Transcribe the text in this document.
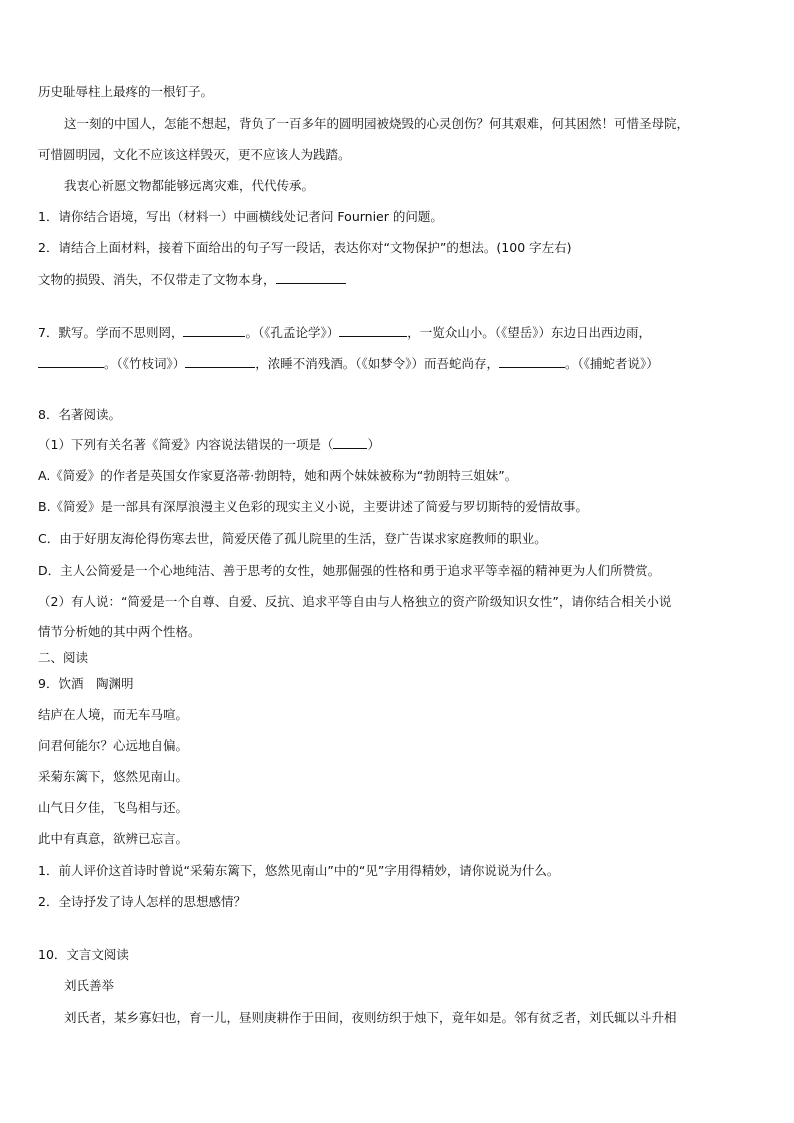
历史耻辱柱上最疼的一根钉子。
这一刻的中国人，怎能不想起，背负了一百多年的圆明园被烧毁的心灵创伤？何其艰难，何其困然！可惜圣母院，
可惜圆明园，文化不应该这样毁灭，更不应该人为践踏。
我衷心祈愿文物都能够远离灾难，代代传承。
1．请你结合语境，写出（材料一）中画横线处记者问 Fournier 的问题。
2．请结合上面材料，接着下面给出的句子写一段话，表达你对“文物保护”的想法。(100 字左右)
文物的损毁、消失，不仅带走了文物本身，
7．默写。学而不思则罔，	。（《孔孟论学》）	，一览众山小。（《望岳》）东边日出西边雨，
。（《竹枝词》）	，浓睡不消残酒。（《如梦令》）而吾蛇尚存，	。（《捕蛇者说》）
8．名著阅读。
（1）下列有关名著《简爱》内容说法错误的一项是（	）
A.《简爱》的作者是英国女作家夏洛蒂·勃朗特，她和两个妹妹被称为“勃朗特三姐妹”。
B.《简爱》是一部具有深厚浪漫主义色彩的现实主义小说，主要讲述了简爱与罗切斯特的爱情故事。
C．由于好朋友海伦得伤寒去世，简爱厌倦了孤儿院里的生活，登广告谋求家庭教师的职业。
D．主人公简爱是一个心地纯洁、善于思考的女性，她那倔强的性格和勇于追求平等幸福的精神更为人们所赞赏。
（2）有人说：“简爱是一个自尊、自爱、反抗、追求平等自由与人格独立的资产阶级知识女性”，请你结合相关小说
情节分析她的其中两个性格。
二、阅读
9．饮酒　陶渊明
结庐在人境，而无车马喧。
问君何能尔？心远地自偏。
采菊东篱下，悠然见南山。
山气日夕佳，飞鸟相与还。
此中有真意，欲辨已忘言。
1．前人评价这首诗时曾说“采菊东篱下，悠然见南山”中的“见”字用得精妙，请你说说为什么。
2．全诗抒发了诗人怎样的思想感情？
10．文言文阅读
刘氏善举
刘氏者，某乡寡妇也，育一儿，昼则庚耕作于田间，夜则纺织于烛下，竟年如是。邻有贫乏者，刘氏辄以斗升相
